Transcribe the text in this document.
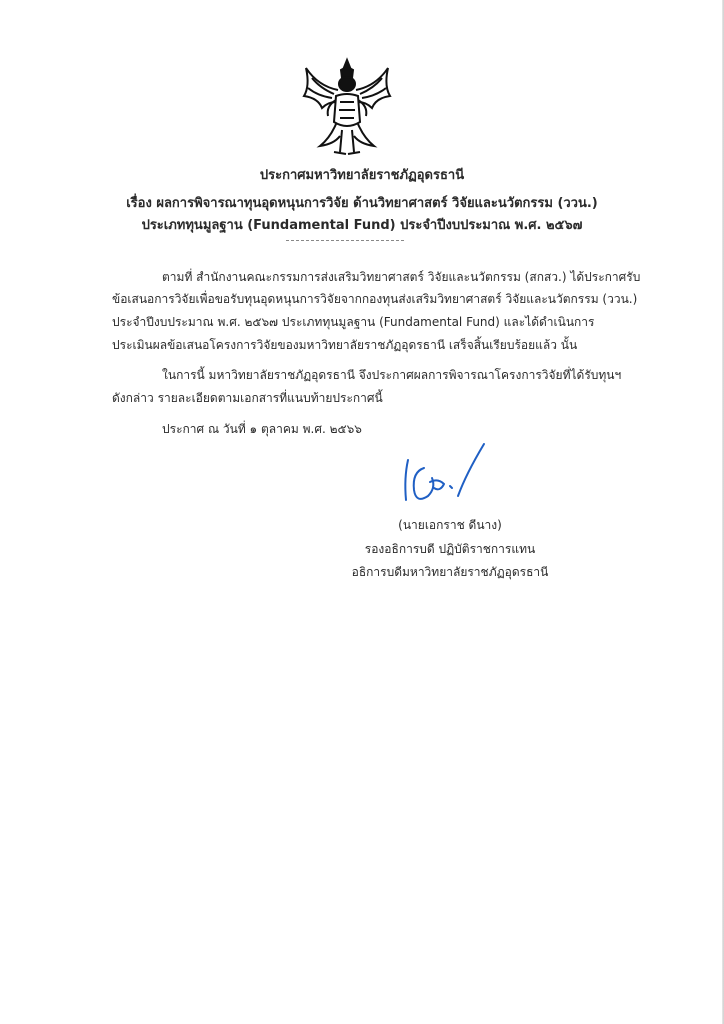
ประกาศมหาวิทยาลัยราชภัฏอุดรธานี
เรื่อง ผลการพิจารณาทุนอุดหนุนการวิจัย ด้านวิทยาศาสตร์ วิจัยและนวัตกรรม (ววน.)
ประเภททุนมูลฐาน (Fundamental Fund) ประจำปีงบประมาณ พ.ศ. ๒๕๖๗
ตามที่ สำนักงานคณะกรรมการส่งเสริมวิทยาศาสตร์ วิจัยและนวัตกรรม (สกสว.) ได้ประกาศรับ
ข้อเสนอการวิจัยเพื่อขอรับทุนอุดหนุนการวิจัยจากกองทุนส่งเสริมวิทยาศาสตร์ วิจัยและนวัตกรรม (ววน.)
ประจำปีงบประมาณ พ.ศ. ๒๕๖๗ ประเภททุนมูลฐาน (Fundamental Fund) และได้ดำเนินการ
ประเมินผลข้อเสนอโครงการวิจัยของมหาวิทยาลัยราชภัฏอุดรธานี เสร็จสิ้นเรียบร้อยแล้ว นั้น
ในการนี้ มหาวิทยาลัยราชภัฏอุดรธานี จึงประกาศผลการพิจารณาโครงการวิจัยที่ได้รับทุนฯ
ดังกล่าว รายละเอียดตามเอกสารที่แนบท้ายประกาศนี้
ประกาศ ณ วันที่ ๑ ตุลาคม พ.ศ. ๒๕๖๖
(นายเอกราช ดีนาง)
รองอธิการบดี ปฏิบัติราชการแทน
อธิการบดีมหาวิทยาลัยราชภัฏอุดรธานี
